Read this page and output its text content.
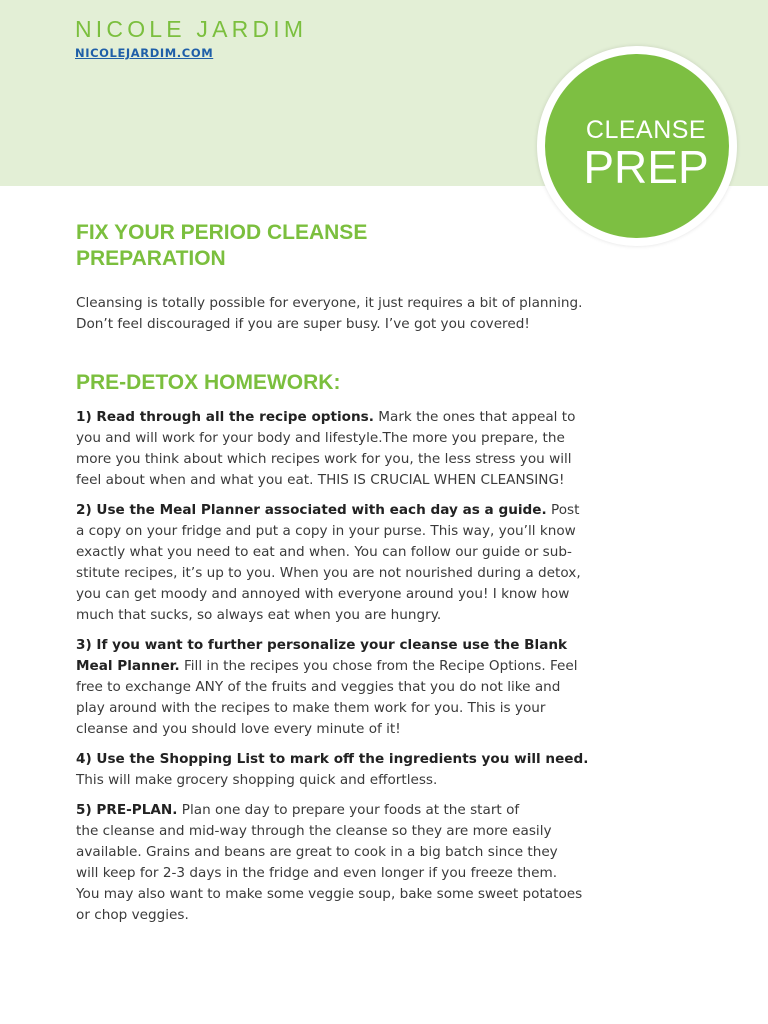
NICOLE JARDIM
NICOLEJARDIM.COM
CLEANSE
PREP
FIX YOUR PERIOD CLEANSE
PREPARATION

Cleansing is totally possible for everyone, it just requires a bit of planning.
Don’t feel discouraged if you are super busy. I’ve got you covered!

PRE-DETOX HOMEWORK:
1) Read through all the recipe options. Mark the ones that appeal to
you and will work for your body and lifestyle.The more you prepare, the
more you think about which recipes work for you, the less stress you will
feel about when and what you eat. THIS IS CRUCIAL WHEN CLEANSING!
2) Use the Meal Planner associated with each day as a guide. Post
a copy on your fridge and put a copy in your purse. This way, you’ll know
exactly what you need to eat and when. You can follow our guide or sub-
stitute recipes, it’s up to you. When you are not nourished during a detox,
you can get moody and annoyed with everyone around you! I know how
much that sucks, so always eat when you are hungry.
3) If you want to further personalize your cleanse use the Blank
Meal Planner. Fill in the recipes you chose from the Recipe Options. Feel
free to exchange ANY of the fruits and veggies that you do not like and
play around with the recipes to make them work for you. This is your
cleanse and you should love every minute of it!
4) Use the Shopping List to mark off the ingredients you will need.
This will make grocery shopping quick and effortless.
5) PRE-PLAN. Plan one day to prepare your foods at the start of
the cleanse and mid-way through the cleanse so they are more easily
available. Grains and beans are great to cook in a big batch since they
will keep for 2-3 days in the fridge and even longer if you freeze them.
You may also want to make some veggie soup, bake some sweet potatoes
or chop veggies.
